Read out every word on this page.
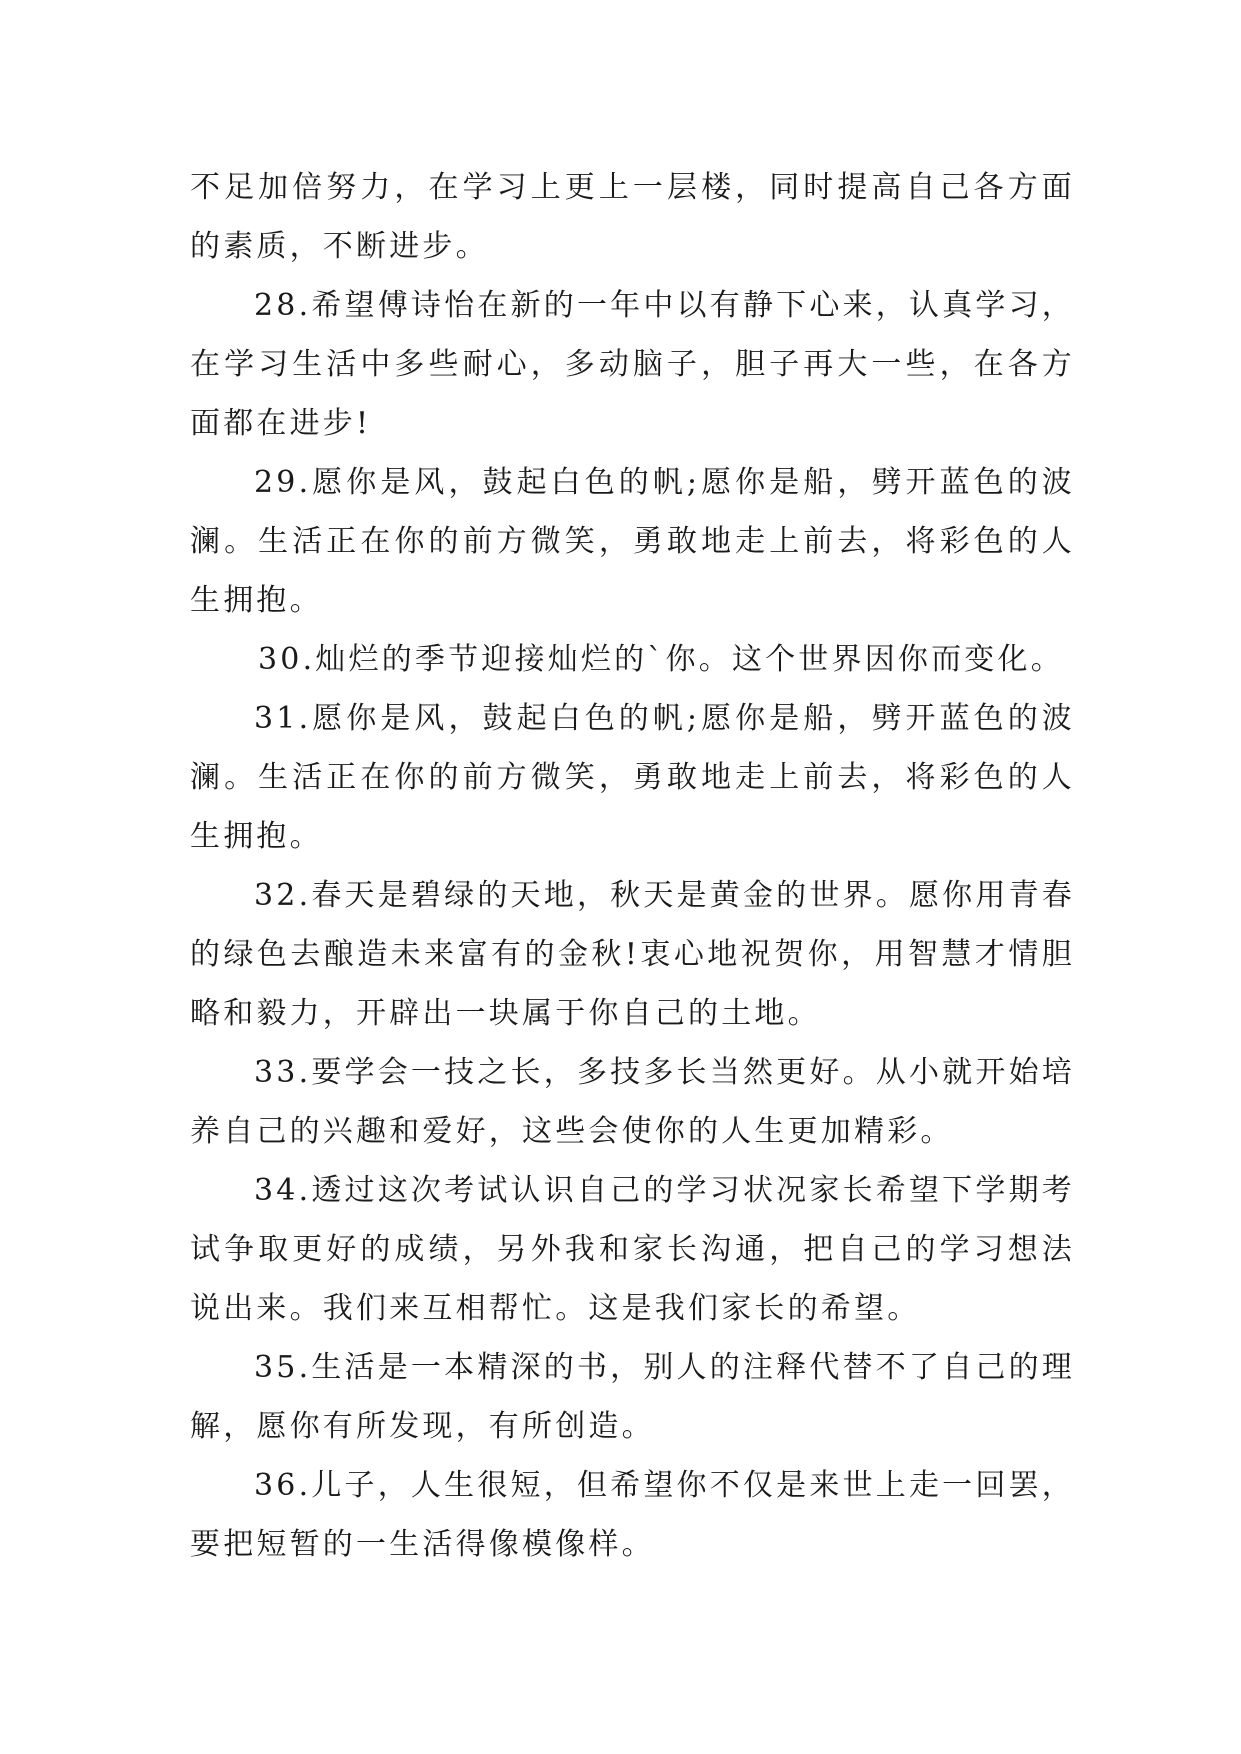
不足加倍努力，在学习上更上一层楼，同时提高自己各方面的素质，不断进步。

28.希望傅诗怡在新的一年中以有静下心来，认真学习，在学习生活中多些耐心，多动脑子，胆子再大一些，在各方面都在进步!

29.愿你是风，鼓起白色的帆;愿你是船，劈开蓝色的波澜。生活正在你的前方微笑，勇敢地走上前去，将彩色的人生拥抱。

30.灿烂的季节迎接灿烂的`你。这个世界因你而变化。

31.愿你是风，鼓起白色的帆;愿你是船，劈开蓝色的波澜。生活正在你的前方微笑，勇敢地走上前去，将彩色的人生拥抱。

32.春天是碧绿的天地，秋天是黄金的世界。愿你用青春的绿色去酿造未来富有的金秋!衷心地祝贺你，用智慧才情胆略和毅力，开辟出一块属于你自己的土地。

33.要学会一技之长，多技多长当然更好。从小就开始培养自己的兴趣和爱好，这些会使你的人生更加精彩。

34.透过这次考试认识自己的学习状况家长希望下学期考试争取更好的成绩，另外我和家长沟通，把自己的学习想法说出来。我们来互相帮忙。这是我们家长的希望。

35.生活是一本精深的书，别人的注释代替不了自己的理解，愿你有所发现，有所创造。

36.儿子，人生很短，但希望你不仅是来世上走一回罢，要把短暂的一生活得像模像样。
